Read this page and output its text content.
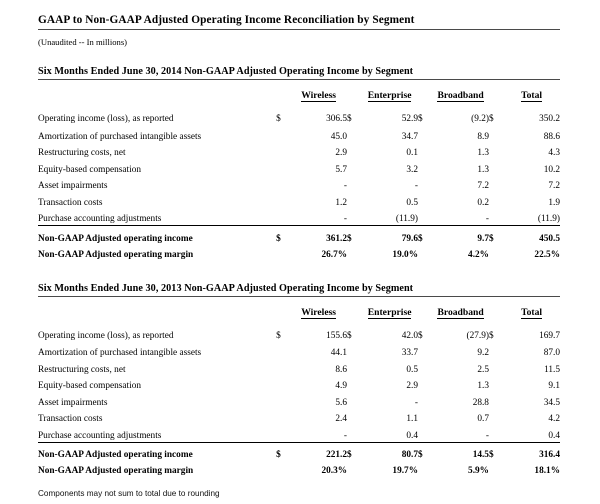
GAAP to Non-GAAP Adjusted Operating Income Reconciliation by Segment
(Unaudited -- In millions)
Six Months Ended June 30, 2014 Non-GAAP Adjusted Operating Income by Segment
		Wireless		Enterprise		Broadband		Total
Operating income (loss), as reported	$	306.5	$	52.9	$	(9.2)	$	350.2
Amortization of purchased intangible assets		45.0		34.7		8.9		88.6
Restructuring costs, net		2.9		0.1		1.3		4.3
Equity-based compensation		5.7		3.2		1.3		10.2
Asset impairments		-		-		7.2		7.2
Transaction costs		1.2		0.5		0.2		1.9
Purchase accounting adjustments		-		(11.9)		-		(11.9)
Non-GAAP Adjusted operating income	$	361.2	$	79.6	$	9.7	$	450.5
Non-GAAP Adjusted operating margin		26.7%		19.0%		4.2%		22.5%
Six Months Ended June 30, 2013 Non-GAAP Adjusted Operating Income by Segment
		Wireless		Enterprise		Broadband		Total
Operating income (loss), as reported	$	155.6	$	42.0	$	(27.9)	$	169.7
Amortization of purchased intangible assets		44.1		33.7		9.2		87.0
Restructuring costs, net		8.6		0.5		2.5		11.5
Equity-based compensation		4.9		2.9		1.3		9.1
Asset impairments		5.6		-		28.8		34.5
Transaction costs		2.4		1.1		0.7		4.2
Purchase accounting adjustments		-		0.4		-		0.4
Non-GAAP Adjusted operating income	$	221.2	$	80.7	$	14.5	$	316.4
Non-GAAP Adjusted operating margin		20.3%		19.7%		5.9%		18.1%
Components may not sum to total due to rounding
